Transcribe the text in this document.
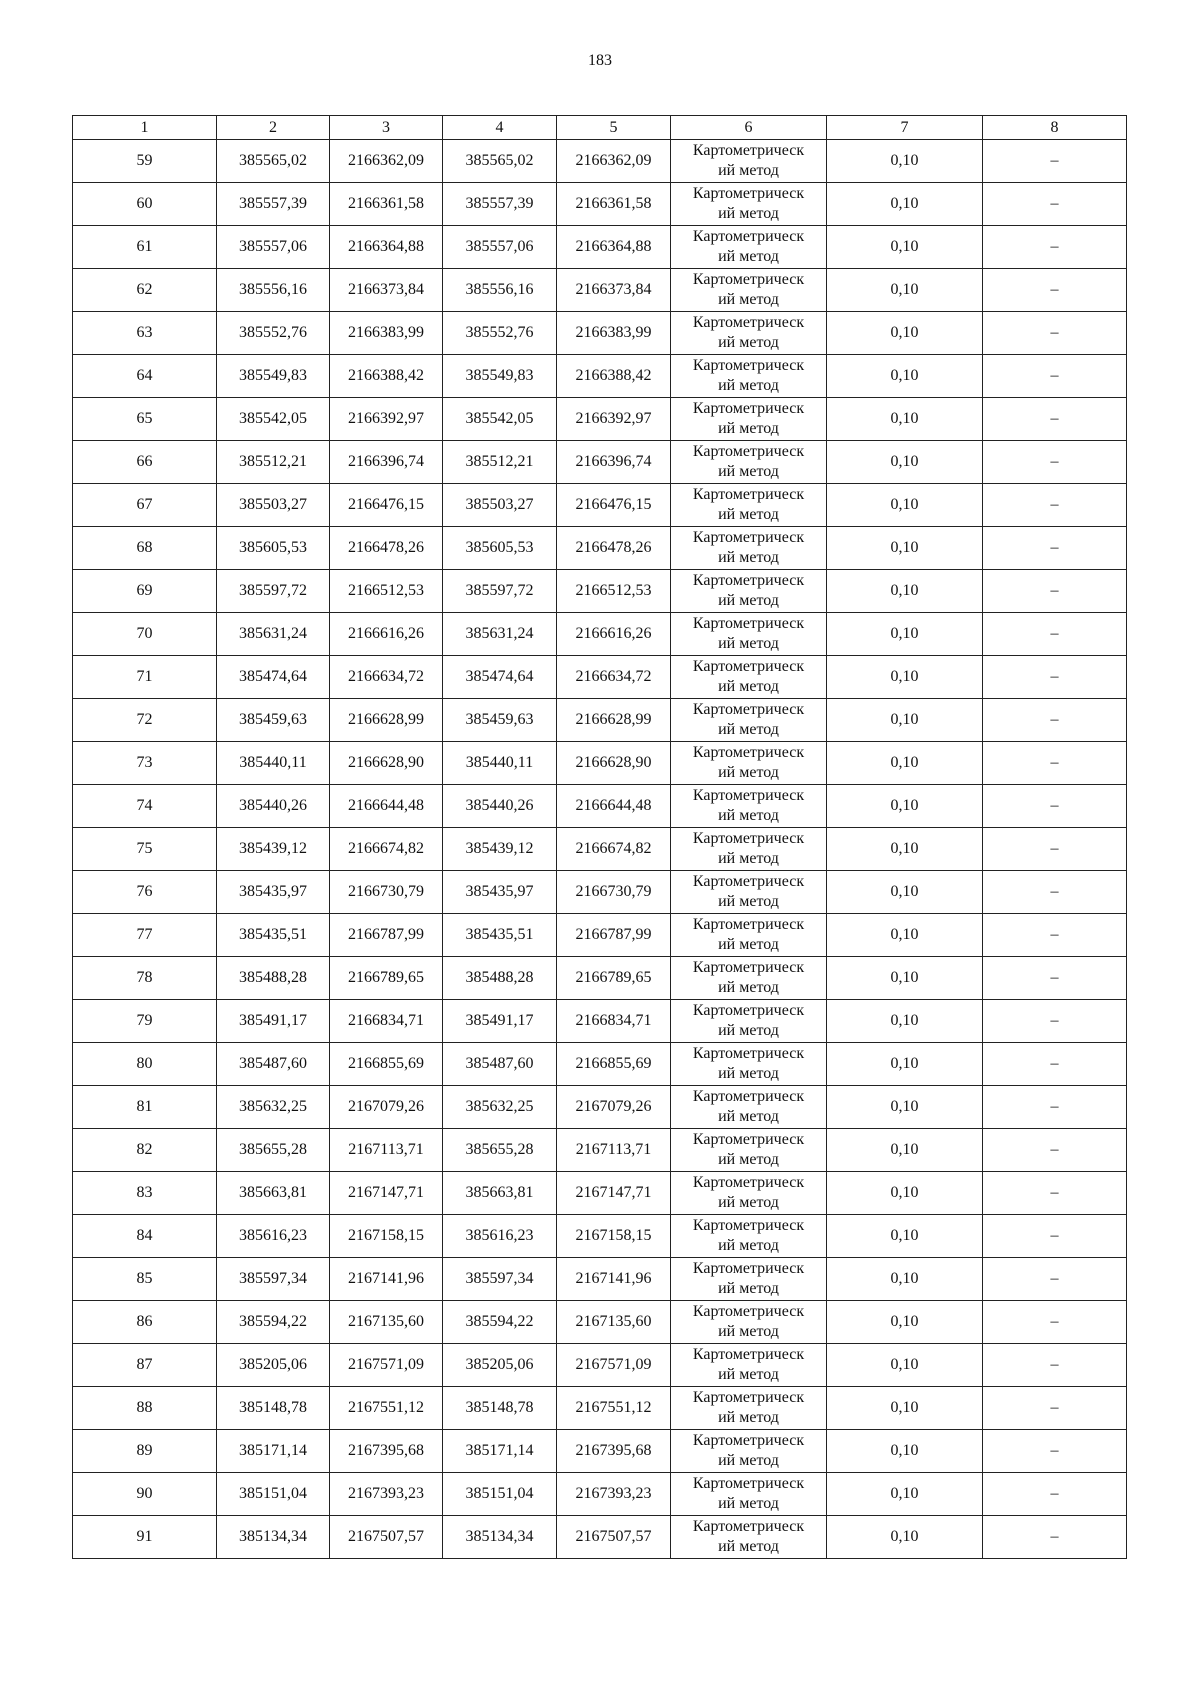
183
1	2	3	4	5	6	7	8
59	385565,02	2166362,09	385565,02	2166362,09	Картометрическ
ий метод	0,10	–
60	385557,39	2166361,58	385557,39	2166361,58	Картометрическ
ий метод	0,10	–
61	385557,06	2166364,88	385557,06	2166364,88	Картометрическ
ий метод	0,10	–
62	385556,16	2166373,84	385556,16	2166373,84	Картометрическ
ий метод	0,10	–
63	385552,76	2166383,99	385552,76	2166383,99	Картометрическ
ий метод	0,10	–
64	385549,83	2166388,42	385549,83	2166388,42	Картометрическ
ий метод	0,10	–
65	385542,05	2166392,97	385542,05	2166392,97	Картометрическ
ий метод	0,10	–
66	385512,21	2166396,74	385512,21	2166396,74	Картометрическ
ий метод	0,10	–
67	385503,27	2166476,15	385503,27	2166476,15	Картометрическ
ий метод	0,10	–
68	385605,53	2166478,26	385605,53	2166478,26	Картометрическ
ий метод	0,10	–
69	385597,72	2166512,53	385597,72	2166512,53	Картометрическ
ий метод	0,10	–
70	385631,24	2166616,26	385631,24	2166616,26	Картометрическ
ий метод	0,10	–
71	385474,64	2166634,72	385474,64	2166634,72	Картометрическ
ий метод	0,10	–
72	385459,63	2166628,99	385459,63	2166628,99	Картометрическ
ий метод	0,10	–
73	385440,11	2166628,90	385440,11	2166628,90	Картометрическ
ий метод	0,10	–
74	385440,26	2166644,48	385440,26	2166644,48	Картометрическ
ий метод	0,10	–
75	385439,12	2166674,82	385439,12	2166674,82	Картометрическ
ий метод	0,10	–
76	385435,97	2166730,79	385435,97	2166730,79	Картометрическ
ий метод	0,10	–
77	385435,51	2166787,99	385435,51	2166787,99	Картометрическ
ий метод	0,10	–
78	385488,28	2166789,65	385488,28	2166789,65	Картометрическ
ий метод	0,10	–
79	385491,17	2166834,71	385491,17	2166834,71	Картометрическ
ий метод	0,10	–
80	385487,60	2166855,69	385487,60	2166855,69	Картометрическ
ий метод	0,10	–
81	385632,25	2167079,26	385632,25	2167079,26	Картометрическ
ий метод	0,10	–
82	385655,28	2167113,71	385655,28	2167113,71	Картометрическ
ий метод	0,10	–
83	385663,81	2167147,71	385663,81	2167147,71	Картометрическ
ий метод	0,10	–
84	385616,23	2167158,15	385616,23	2167158,15	Картометрическ
ий метод	0,10	–
85	385597,34	2167141,96	385597,34	2167141,96	Картометрическ
ий метод	0,10	–
86	385594,22	2167135,60	385594,22	2167135,60	Картометрическ
ий метод	0,10	–
87	385205,06	2167571,09	385205,06	2167571,09	Картометрическ
ий метод	0,10	–
88	385148,78	2167551,12	385148,78	2167551,12	Картометрическ
ий метод	0,10	–
89	385171,14	2167395,68	385171,14	2167395,68	Картометрическ
ий метод	0,10	–
90	385151,04	2167393,23	385151,04	2167393,23	Картометрическ
ий метод	0,10	–
91	385134,34	2167507,57	385134,34	2167507,57	Картометрическ
ий метод	0,10	–
